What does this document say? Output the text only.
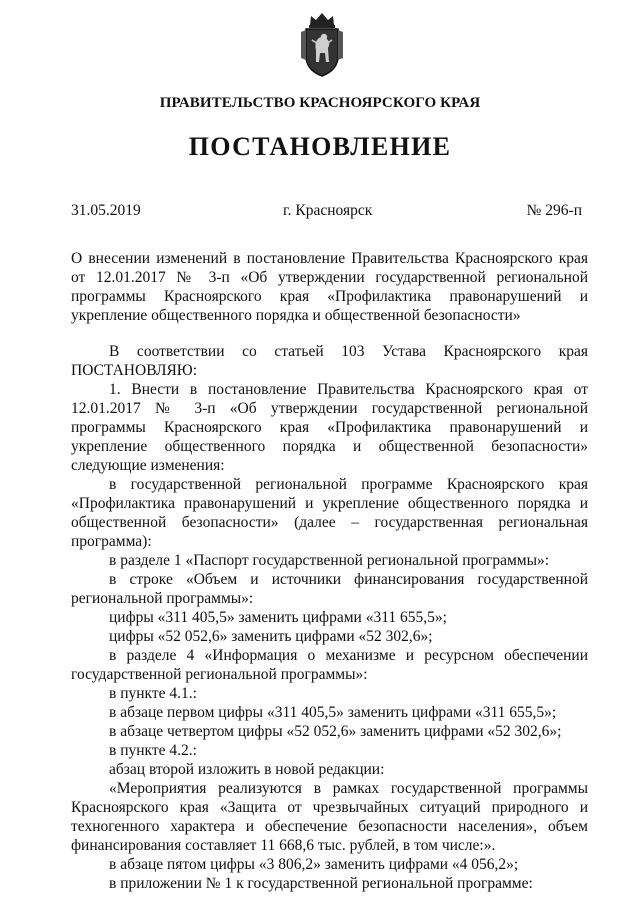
ПРАВИТЕЛЬСТВО КРАСНОЯРСКОГО КРАЯ
ПОСТАНОВЛЕНИЕ
31.05.2019	г. Красноярск	№ 296-п

О внесении изменений в постановление Правительства Красноярского края от 12.01.2017 № 3-п «Об утверждении государственной региональной программы Красноярского края «Профилактика правонарушений и укрепление общественного порядка и общественной безопасности»

В соответствии со статьей 103 Устава Красноярского края ПОСТАНОВЛЯЮ:

1. Внести в постановление Правительства Красноярского края от 12.01.2017 № 3-п «Об утверждении государственной региональной программы Красноярского края «Профилактика правонарушений и укрепление общественного порядка и общественной безопасности» следующие изменения:

в государственной региональной программе Красноярского края «Профилактика правонарушений и укрепление общественного порядка и общественной безопасности» (далее – государственная региональная программа):

в разделе 1 «Паспорт государственной региональной программы»:

в строке «Объем и источники финансирования государственной региональной программы»:

цифры «311 405,5» заменить цифрами «311 655,5»;

цифры «52 052,6» заменить цифрами «52 302,6»;

в разделе 4 «Информация о механизме и ресурсном обеспечении государственной региональной программы»:

в пункте 4.1.:

в абзаце первом цифры «311 405,5» заменить цифрами «311 655,5»;

в абзаце четвертом цифры «52 052,6» заменить цифрами «52 302,6»;

в пункте 4.2.:

абзац второй изложить в новой редакции:

«Мероприятия реализуются в рамках государственной программы Красноярского края «Защита от чрезвычайных ситуаций природного и техногенного характера и обеспечение безопасности населения», объем финансирования составляет 11 668,6 тыс. рублей, в том числе:».

в абзаце пятом цифры «3 806,2» заменить цифрами «4 056,2»;

в приложении № 1 к государственной региональной программе:
